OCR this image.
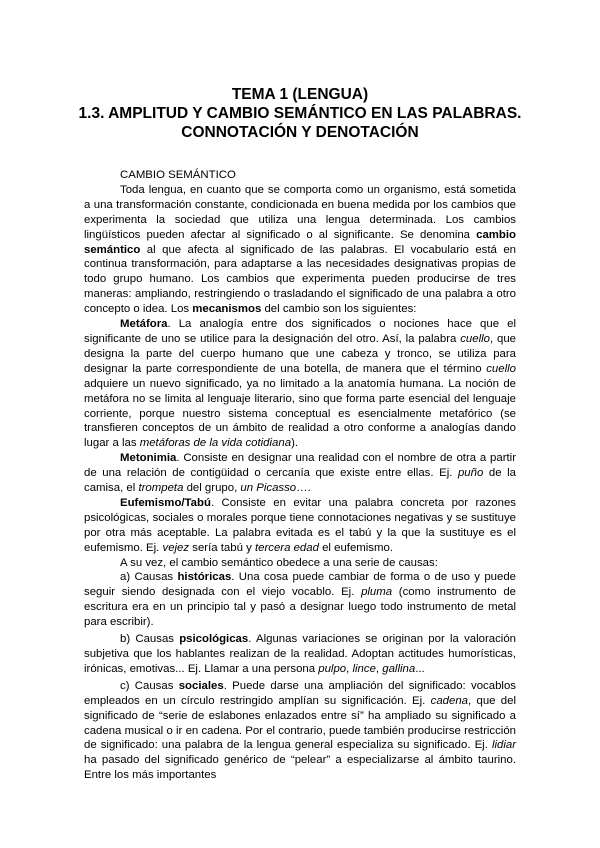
TEMA 1 (LENGUA)
1.3. AMPLITUD Y CAMBIO SEMÁNTICO EN LAS PALABRAS. CONNOTACIÓN Y DENOTACIÓN

CAMBIO SEMÁNTICO

Toda lengua, en cuanto que se comporta como un organismo, está sometida a una transformación constante, condicionada en buena medida por los cambios que experimenta la sociedad que utiliza una lengua determinada. Los cambios lingüísticos pueden afectar al significado o al significante. Se denomina cambio semántico al que afecta al significado de las palabras. El vocabulario está en continua transformación, para adaptarse a las necesidades designativas propias de todo grupo humano. Los cambios que experimenta pueden producirse de tres maneras: ampliando, restringiendo o trasladando el significado de una palabra a otro concepto o idea. Los mecanismos del cambio son los siguientes:

Metáfora. La analogía entre dos significados o nociones hace que el significante de uno se utilice para la designación del otro. Así, la palabra cuello, que designa la parte del cuerpo humano que une cabeza y tronco, se utiliza para designar la parte correspondiente de una botella, de manera que el término cuello adquiere un nuevo significado, ya no limitado a la anatomía humana. La noción de metáfora no se limita al lenguaje literario, sino que forma parte esencial del lenguaje corriente, porque nuestro sistema conceptual es esencialmente metafórico (se transfieren conceptos de un ámbito de realidad a otro conforme a analogías dando lugar a las metáforas de la vida cotidiana).

Metonimia. Consiste en designar una realidad con el nombre de otra a partir de una relación de contigüidad o cercanía que existe entre ellas. Ej. puño de la camisa, el trompeta del grupo, un Picasso….

Eufemismo/Tabú. Consiste en evitar una palabra concreta por razones psicológicas, sociales o morales porque tiene connotaciones negativas y se sustituye por otra más aceptable. La palabra evitada es el tabú y la que la sustituye es el eufemismo. Ej. vejez sería tabú y tercera edad el eufemismo.

A su vez, el cambio semántico obedece a una serie de causas:

a) Causas históricas. Una cosa puede cambiar de forma o de uso y puede seguir siendo designada con el viejo vocablo. Ej. pluma (como instrumento de escritura era en un principio tal y pasó a designar luego todo instrumento de metal para escribir).

b) Causas psicológicas. Algunas variaciones se originan por la valoración subjetiva que los hablantes realizan de la realidad. Adoptan actitudes humorísticas, irónicas, emotivas... Ej. Llamar a una persona pulpo, lince, gallina...

c) Causas sociales. Puede darse una ampliación del significado: vocablos empleados en un círculo restringido amplían su significación. Ej. cadena, que del significado de “serie de eslabones enlazados entre sí” ha ampliado su significado a cadena musical o ir en cadena. Por el contrario, puede también producirse restricción de significado: una palabra de la lengua general especializa su significado. Ej. lidiar ha pasado del significado genérico de “pelear” a especializarse al ámbito taurino. Entre los más importantes
